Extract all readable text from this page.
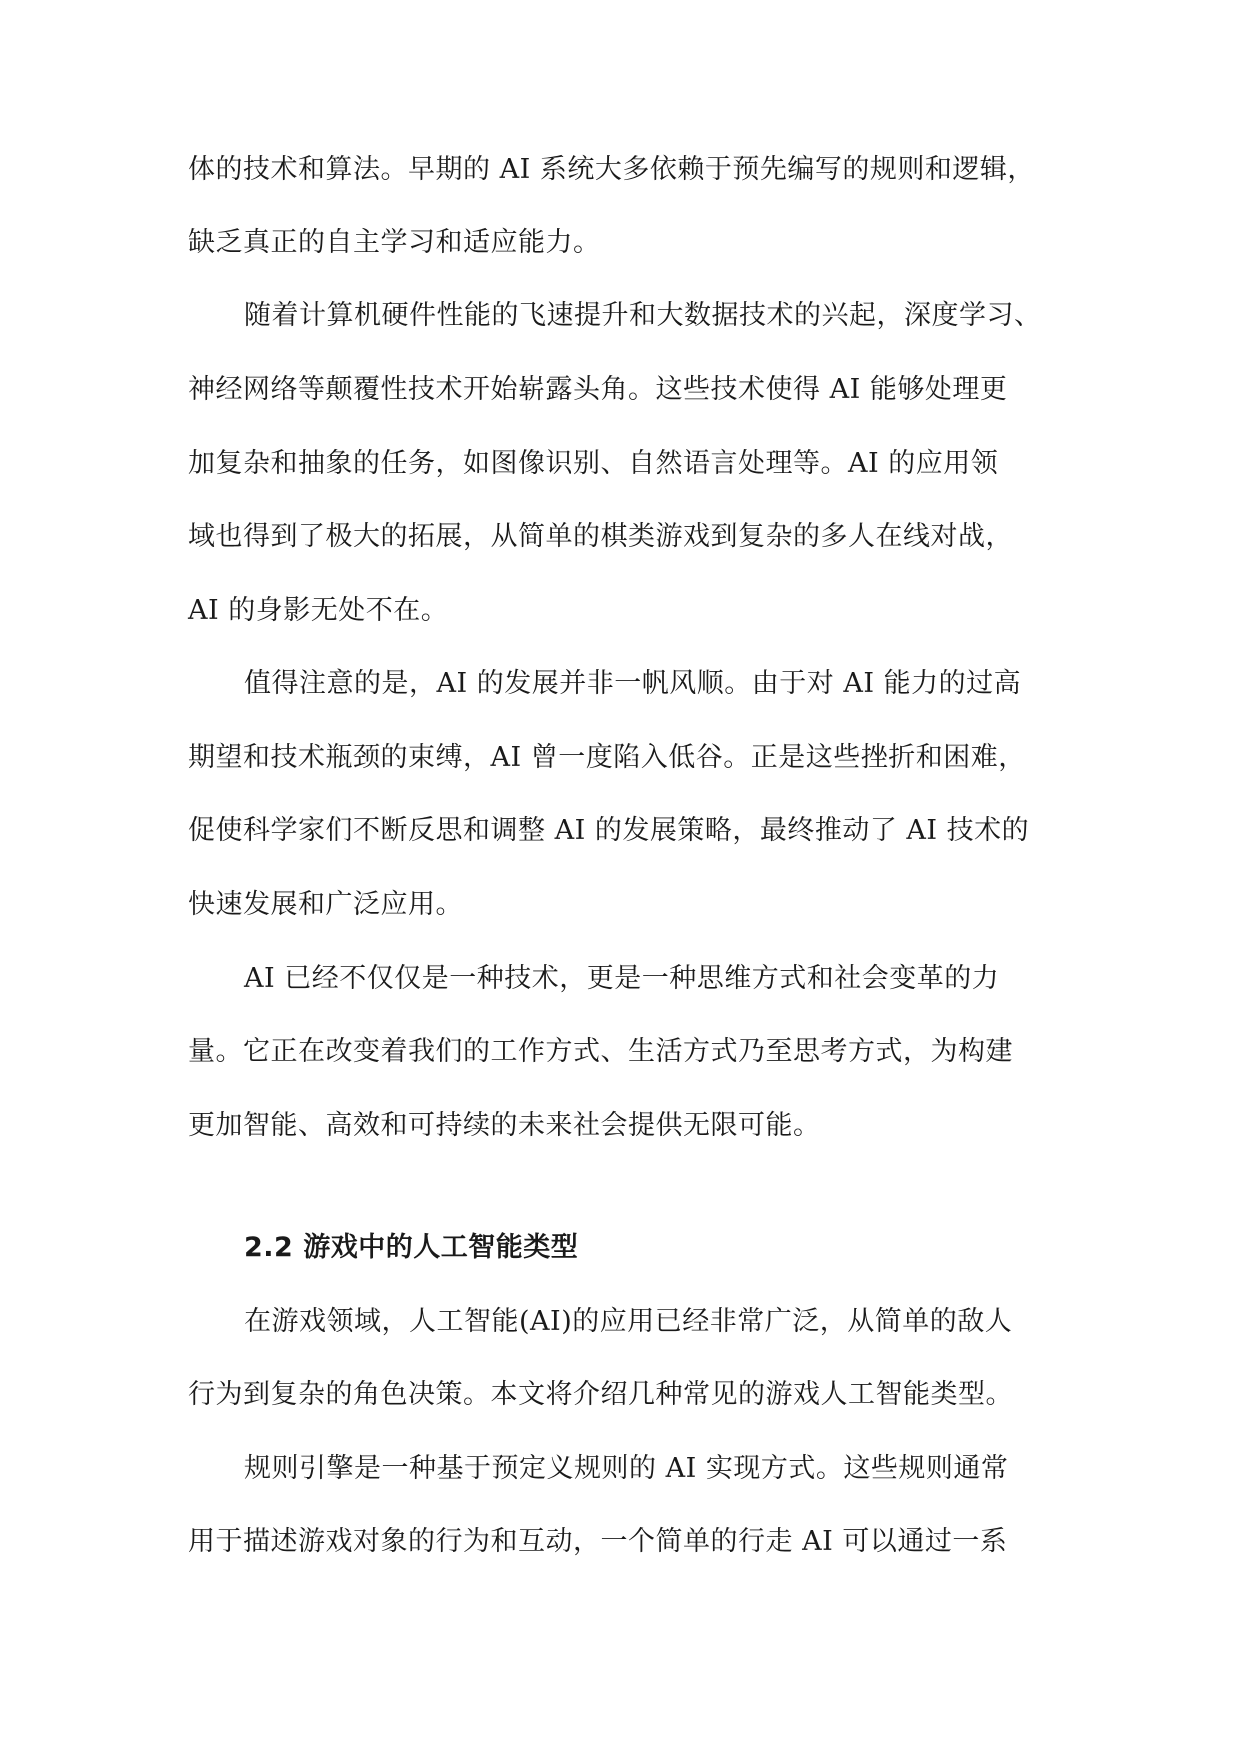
体的技术和算法。早期的 AI 系统大多依赖于预先编写的规则和逻辑，
缺乏真正的自主学习和适应能力。
随着计算机硬件性能的飞速提升和大数据技术的兴起，深度学习、
神经网络等颠覆性技术开始崭露头角。这些技术使得 AI 能够处理更
加复杂和抽象的任务，如图像识别、自然语言处理等。AI 的应用领
域也得到了极大的拓展，从简单的棋类游戏到复杂的多人在线对战，
AI 的身影无处不在。
值得注意的是，AI 的发展并非一帆风顺。由于对 AI 能力的过高
期望和技术瓶颈的束缚，AI 曾一度陷入低谷。正是这些挫折和困难，
促使科学家们不断反思和调整 AI 的发展策略，最终推动了 AI 技术的
快速发展和广泛应用。
AI 已经不仅仅是一种技术，更是一种思维方式和社会变革的力
量。它正在改变着我们的工作方式、生活方式乃至思考方式，为构建
更加智能、高效和可持续的未来社会提供无限可能。
2.2 游戏中的人工智能类型
在游戏领域，人工智能(AI)的应用已经非常广泛，从简单的敌人
行为到复杂的角色决策。本文将介绍几种常见的游戏人工智能类型。
规则引擎是一种基于预定义规则的 AI 实现方式。这些规则通常
用于描述游戏对象的行为和互动，一个简单的行走 AI 可以通过一系
